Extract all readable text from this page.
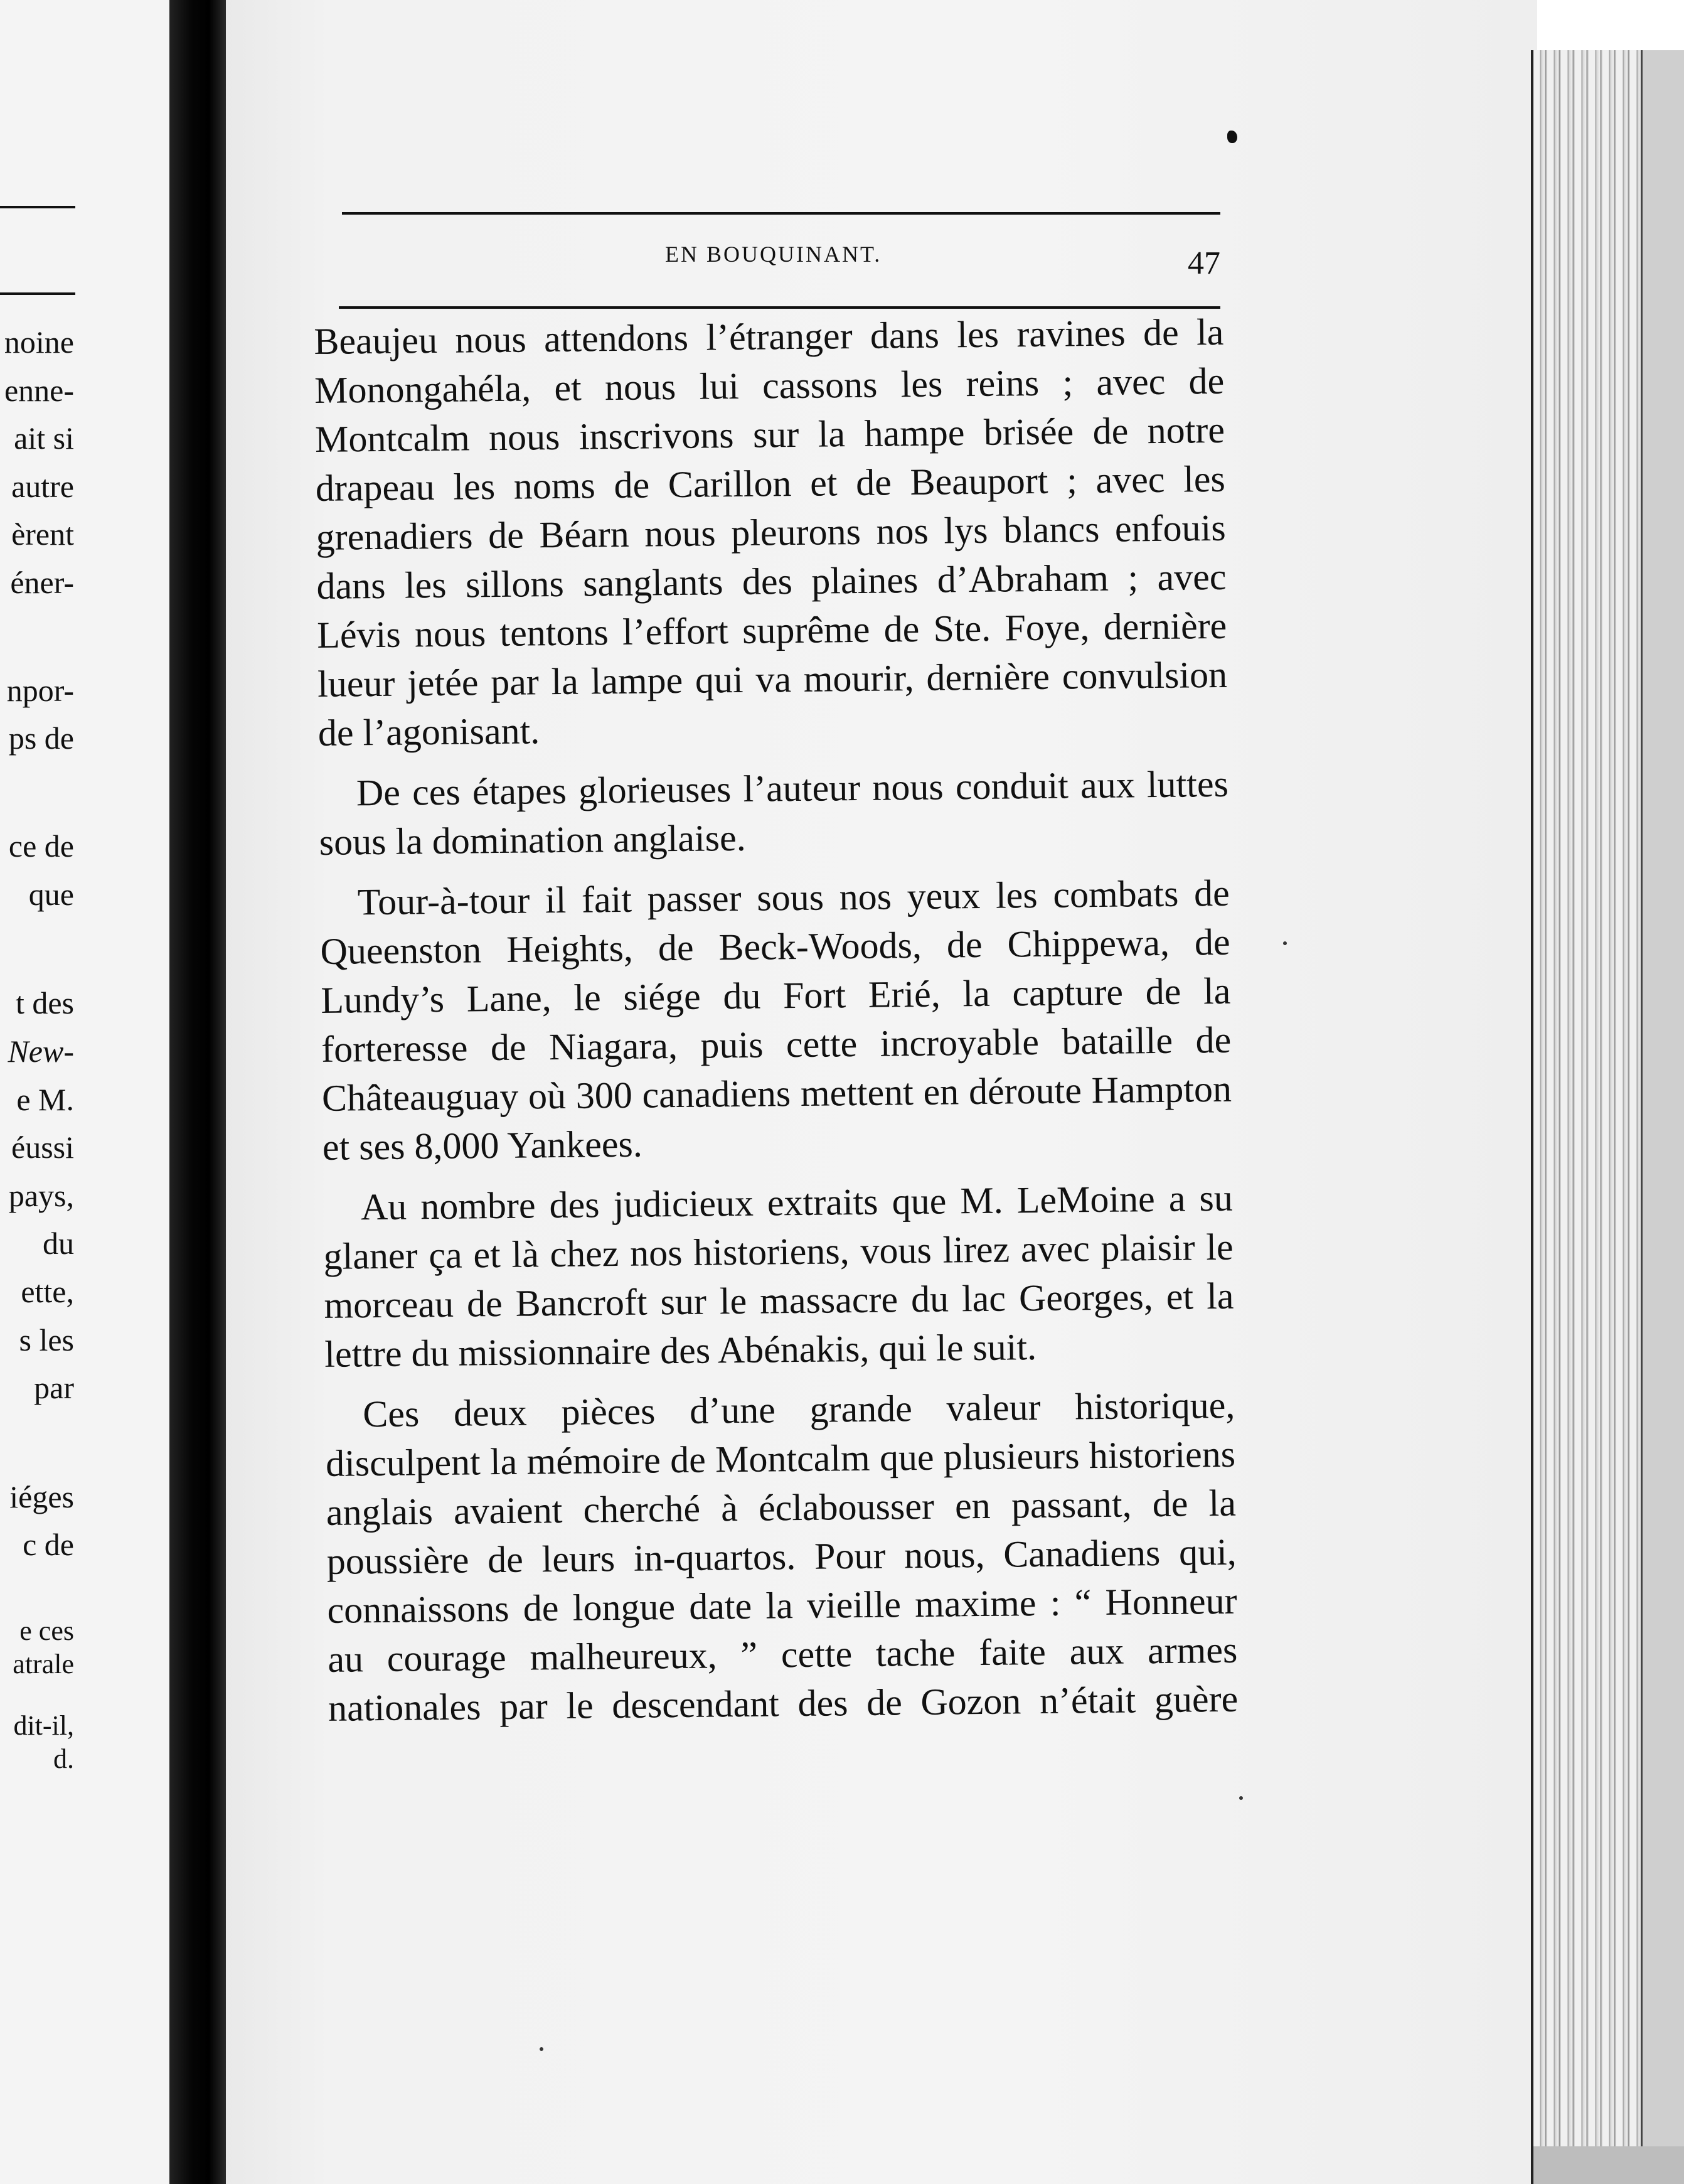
noine
enne-
ait si
autre
èrent
éner-
npor-
ps de
ce de
que
t des
New-
e M.
éussi
pays,
du
ette,
s les
par
iéges
c de
e ces
atrale
dit-il,
d.
EN BOUQUINANT.	47

Beaujeu nous attendons l’étranger dans les ravines de la Monongahéla, et nous lui cassons les reins ; avec de Montcalm nous inscrivons sur la hampe brisée de notre drapeau les noms de Carillon et de Beauport ; avec les grenadiers de Béarn nous pleurons nos lys blancs enfouis dans les sillons sanglants des plaines d’Abraham ; avec Lévis nous tentons l’effort suprême de Ste. Foye, dernière lueur jetée par la lampe qui va mourir, dernière convulsion de l’agonisant.

De ces étapes glorieuses l’auteur nous conduit aux luttes sous la domination anglaise.

Tour-à-tour il fait passer sous nos yeux les combats de Queenston Heights, de Beck-Woods, de Chippewa, de Lundy’s Lane, le siége du Fort Erié, la capture de la forteresse de Niagara, puis cette incroyable bataille de Châteauguay où 300 canadiens mettent en déroute Hampton et ses 8,000 Yankees.

Au nombre des judicieux extraits que M. LeMoine a su glaner ça et là chez nos historiens, vous lirez avec plaisir le morceau de Bancroft sur le massacre du lac Georges, et la lettre du missionnaire des Abénakis, qui le suit.

Ces deux pièces d’une grande valeur historique, disculpent la mémoire de Montcalm que plusieurs historiens anglais avaient cherché à éclabousser en passant, de la poussière de leurs in-quartos. Pour nous, Canadiens qui, connaissons de longue date la vieille maxime : “ Honneur au courage malheureux, ” cette tache faite aux armes nationales par le descendant des de Gozon n’était guère
